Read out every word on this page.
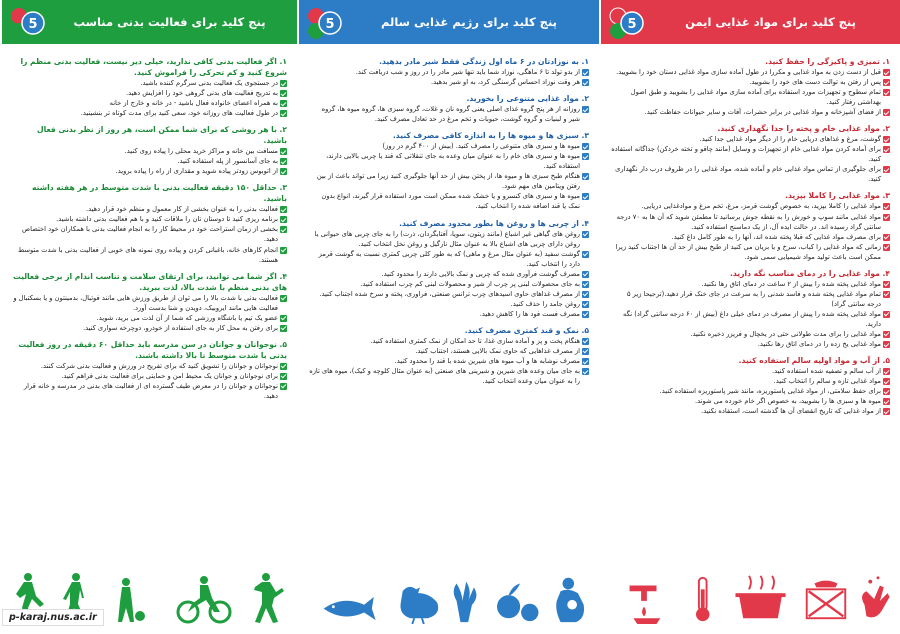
5	پنج کلید برای فعالیت بدنی مناسب
۱. اگر فعالیت بدنی کافی ندارید، خیلی دیر نیست، فعالیت بدنی منظم را شروع کنید و کم تحرکی را فراموش کنید.
در جستجوی یک فعالیت بدنی سرگرم کننده باشید.
به تدریج فعالیت های بدنی گروهی خود را افزایش دهید.
به همراه اعضای خانواده فعال باشید - در خانه و خارج از خانه
در طول فعالیت های روزانه خود، سعی کنید برای مدت کوتاه تر بنشینید.
۲. با هر روشی که برای شما ممکن است، هر روز از نظر بدنی فعال باشید.
مسافت بین خانه و مراکز خرید محلی را پیاده روی کنید.
به جای آسانسور از پله استفاده کنید.
از اتوبوس زودتر پیاده شوید و مقداری از راه را پیاده بروید.
۳. حداقل ۱۵۰ دقیقه فعالیت بدنی با شدت متوسط در هر هفته داشته باشید.
فعالیت بدنی را به عنوان بخشی از کار معمول و منظم خود قرار دهید.
برنامه ریزی کنید تا دوستان تان را ملاقات کنید و با هم فعالیت بدنی داشته باشید.
بخشی از زمان استراحت خود در محیط کار را به انجام فعالیت بدنی با همکاران خود اختصاص دهید.
انجام کارهای خانه، باغبانی کردن و پیاده روی نمونه های خوبی از فعالیت بدنی با شدت متوسط هستند.
۴. اگر شما می توانید، برای ارتقای سلامت و تناسب اندام از برخی فعالیت های بدنی منظم با شدت بالا، لذت ببرید.
فعالیت بدنی با شدت بالا را می توان از طریق ورزش هایی مانند فوتبال، بدمینتون و یا بسکتبال و فعالیت هایی مانند ایروبیک، دویدن و شنا بدست آورد.
عضو یک تیم یا باشگاه ورزشی که شما از آن لذت می برید، شوید.
برای رفتن به محل کار به جای استفاده از خودرو، دوچرخه سواری کنید.
۵. نوجوانان و جوانان در سن مدرسه باید حداقل ۶۰ دقیقه در روز فعالیت بدنی با شدت متوسط تا بالا داشته باشند.
نوجوانان و جوانان را تشویق کنید که برای تفریح در ورزش و فعالیت بدنی شرکت کنند.
برای نوجوانان و جوانان یک محیط امن و حمایتی برای فعالیت بدنی فراهم کنید.
نوجوانان و جوانان را در معرض طیف گسترده ای از فعالیت های بدنی در مدرسه و خانه قرار دهید.
p-karaj.nus.ac.ir
5	پنج کلید برای رژیم غذایی سالم
۱. به نوزادتان در ۶ ماه اول زندگی فقط شیر مادر بدهید.
از بدو تولد تا ۶ ماهگی، نوزاد شما باید تنها شیر مادر را در روز و شب دریافت کند.
هر وقت نوزاد احساس گرسنگی کرد، به او شیر بدهید.
۲. مواد غذایی متنوعی را بخورید.
روزانه از هر پنج گروه غذای اصلی یعنی گروه نان و غلات، گروه سبزی ها، گروه میوه ها، گروه شیر و لبنیات و گروه گوشت، حبوبات و تخم مرغ در حد تعادل مصرف کنید.
۳. سبزی ها و میوه ها را به اندازه کافی مصرف کنید.
میوه ها و سبزی های متنوعی را مصرف کنید. (بیش از ۴۰۰ گرم در روز)
میوه ها و سبزی های خام را به عنوان میان وعده به جای تنقلاتی که قند یا چربی بالایی دارند، استفاده کنید.
هنگام طبخ سبزی ها و میوه ها، از پختن بیش از حد آنها جلوگیری کنید زیرا می تواند باعث از بین رفتن ویتامین های مهم شود.
میوه ها و سبزی های کنسرو و یا خشک شده ممکن است مورد استفاده قرار گیرند، انواع بدون نمک یا قند اضافه شده را انتخاب کنید.
۴. از چربی ها و روغن ها بطور محدود مصرف کنید.
روغن های گیاهی غیر اشباع (مانند زیتون، سویا، آفتابگردان، ذرت) را به جای چربی های حیوانی یا روغن دارای چربی های اشباع بالا به عنوان مثال نارگیل و روغن نخل انتخاب کنید.
گوشت سفید (به عنوان مثال مرغ و ماهی) که به طور کلی چربی کمتری نسبت به گوشت قرمز دارد را انتخاب کنید.
مصرف گوشت فرآوری شده که چربی و نمک بالایی دارند را محدود کنید.
به جای محصولات لبنی پر چرب از شیر و محصولات لبنی کم چرب استفاده کنید.
از مصرف غذاهای حاوی اسیدهای چرب ترانس صنعتی، فراوری، پخته و سرخ شده اجتناب کنید.
روغن جامد را حذف کنید.
مصرف فست فود ها را کاهش دهید.
۵. نمک و قند کمتری مصرف کنید.
هنگام پخت و پز و آماده سازی غذا، تا حد امکان از نمک کمتری استفاده کنید.
از مصرف غذاهایی که حاوی نمک بالایی هستند، اجتناب کنید.
مصرف نوشابه ها و آب میوه های شیرین شده با قند را محدود کنید.
به جای میان وعده های شیرین و شیرینی های صنعتی (به عنوان مثال کلوچه و کیک)، میوه های تازه را به عنوان میان وعده انتخاب کنید.
5	پنج کلید برای مواد غذایی ایمن
۱. تمیزی و پاکیزگی را حفظ کنید.
قبل از دست زدن به مواد غذایی و مکررا در طول آماده سازی مواد غذایی دستان خود را بشویید.
پس از رفتن به توالت دست های خود را بشویید.
تمام سطوح و تجهیزات مورد استفاده برای آماده سازی مواد غذایی را بشویید و طبق اصول بهداشتی رفتار کنید.
از فضای آشپزخانه و مواد غذایی در برابر حشرات، آفات و سایر حیوانات حفاظت کنید.
۲. مواد غذایی خام و پخته را جدا نگهداری کنید.
گوشت، مرغ و غذاهای دریایی خام را از دیگر مواد غذایی جدا کنید.
برای آماده کردن مواد غذایی خام از تجهیزات و وسایل (مانند چاقو و تخته خردکن) جداگانه استفاده کنید.
برای جلوگیری از تماس مواد غذایی خام و آماده شده، مواد غذایی را در ظروف درب دار نگهداری کنید.
۳. مواد غذایی را کاملا بپزید.
مواد غذایی را کاملا بپزید، به خصوص گوشت قرمز، مرغ، تخم مرغ و موادغذایی دریایی.
مواد غذایی مانند سوپ و خورش را به نقطه جوش برسانید تا مطمئن شوید که آن ها به ۷۰ درجه سانتی گراد رسیده اند. در حالت ایده آل، از یک دماسنج استفاده کنید.
برای مصرف مواد غذایی که قبلا پخته شده اند، آنها را به طور کامل داغ کنید.
زمانی که مواد غذایی را کباب، سرخ و یا بریان می کنید از طبخ بیش از حد آن ها اجتناب کنید زیرا ممکن است باعث تولید مواد شیمیایی سمی شود.
۴. مواد غذایی را در دمای مناسب نگه دارید.
مواد غذایی پخته شده را بیش از ۲ ساعت در دمای اتاق رها نکنید.
تمام مواد غذایی پخته شده و فاسد شدنی را به سرعت در جای خنک قرار دهید.(ترجیحا زیر ۵ درجه سانتی گراد)
مواد غذایی پخته شده را پیش از مصرف در دمای خیلی داغ (بیش از ۶۰ درجه سانتی گراد) نگه دارید.
مواد غذایی را برای مدت طولانی حتی در یخچال و فریزر ذخیره نکنید.
مواد غذایی یخ زده را در دمای اتاق رها نکنید.
۵. از آب و مواد اولیه سالم استفاده کنید.
از آب سالم و تصفیه شده استفاده کنید.
مواد غذایی تازه و سالم را انتخاب کنید.
برای حفظ سلامتی، از مواد غذایی پاستوریزه، مانند شیر پاستوریزه استفاده کنید.
میوه ها و سبزی ها را بشویید، به خصوص اگر خام خورده می شوند.
از مواد غذایی که تاریخ انقضای آن ها گذشته است، استفاده نکنید.
